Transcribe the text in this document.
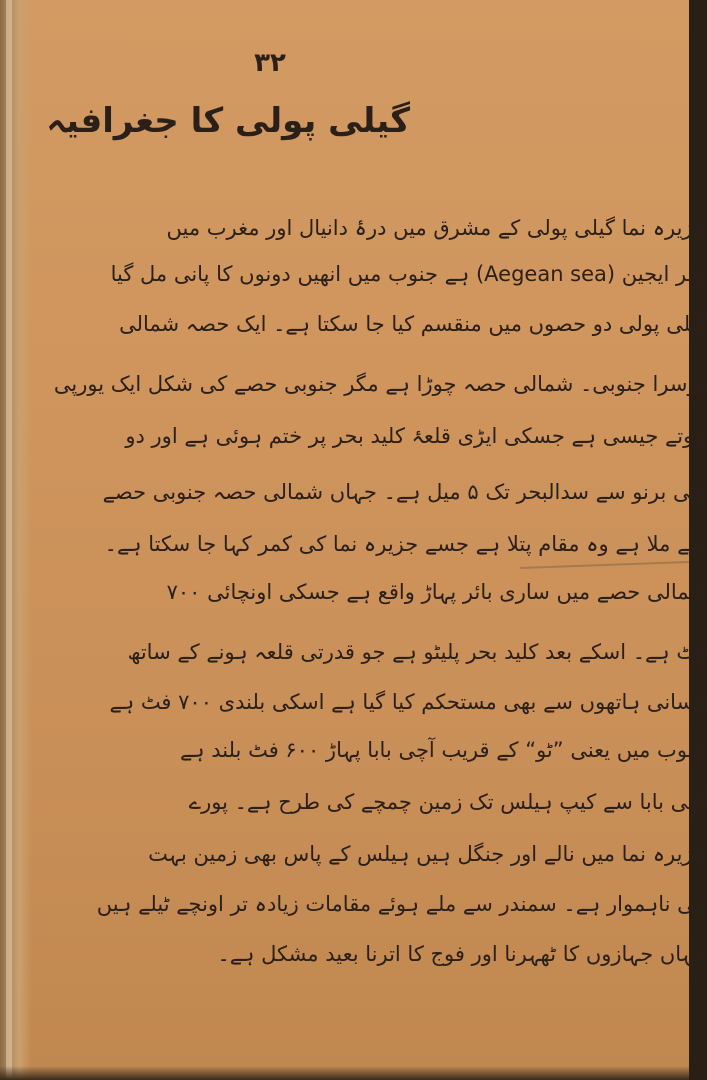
۳۲
گیلی پولی کا جغرافیہ
جزیرہ نما گیلی پولی کے مشرق میں درۂ دانیال اور مغرب میں
بحر ایجین (Aegean sea) ہے جنوب میں انھیں دونوں کا پانی مل گیا
گیلی پولی دو حصوں میں منقسم کیا جا سکتا ہے۔ ایک حصہ شمالی
دوسرا جنوبی۔ شمالی حصہ چوڑا ہے مگر جنوبی حصے کی شکل ایک یورپی
جوتے جیسی ہے جسکی ایڑی قلعۂ کلید بحر پر ختم ہوئی ہے اور دو
تقی برنو سے سدالبحر تک ۵ میل ہے۔ جہاں شمالی حصہ جنوبی حصے
سے ملا ہے وہ مقام پتلا ہے جسے جزیرہ نما کی کمر کہا جا سکتا ہے۔
شمالی حصے میں ساری بائر پہاڑ واقع ہے جسکی اونچائی ۷۰۰
فٹ ہے۔ اسکے بعد کلید بحر پلیٹو ہے جو قدرتی قلعہ ہونے کے ساتھ
انسانی ہاتھوں سے بھی مستحکم کیا گیا ہے اسکی بلندی ۷۰۰ فٹ ہے
جنوب میں یعنی ”ٹو“ کے قریب آچی بابا پہاڑ ۶۰۰ فٹ بلند ہے
آچی بابا سے کیپ ہیلس تک زمین چمچے کی طرح ہے۔ پورے
جزیرہ نما میں نالے اور جنگل ہیں ہیلس کے پاس بھی زمین بہت
ہی ناہموار ہے۔ سمندر سے ملے ہوئے مقامات زیادہ تر اونچے ٹیلے ہیں
جہاں جہازوں کا ٹھہرنا اور فوج کا اترنا بعید مشکل ہے۔
